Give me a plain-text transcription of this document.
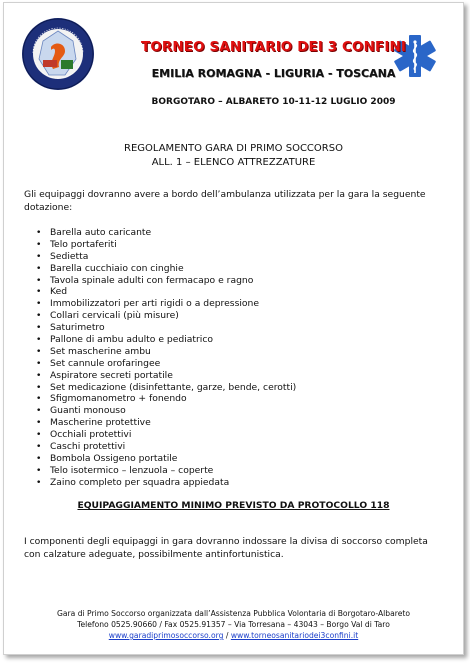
TORNEO SANITARIO DEI 3 CONFINI
EMILIA ROMAGNA - LIGURIA - TOSCANA
BORGOTARO – ALBARETO 10-11-12 LUGLIO 2009
REGOLAMENTO GARA DI PRIMO SOCCORSO
ALL. 1 – ELENCO ATTREZZATURE
Gli equipaggi dovranno avere a bordo dell’ambulanza utilizzata per la gara la seguente dotazione:
• Barella auto caricante
• Telo portaferiti
• Sedietta
• Barella cucchiaio con cinghie
• Tavola spinale adulti con fermacapo e ragno
• Ked
• Immobilizzatori per arti rigidi o a depressione
• Collari cervicali (più misure)
• Saturimetro
• Pallone di ambu adulto e pediatrico
• Set mascherine ambu
• Set cannule orofaringee
• Aspiratore secreti portatile
• Set medicazione (disinfettante, garze, bende, cerotti)
• Sfigmomanometro + fonendo
• Guanti monouso
• Mascherine protettive
• Occhiali protettivi
• Caschi protettivi
• Bombola Ossigeno portatile
• Telo isotermico – lenzuola – coperte
• Zaino completo per squadra appiedata
EQUIPAGGIAMENTO MINIMO PREVISTO DA PROTOCOLLO 118
I componenti degli equipaggi in gara dovranno indossare la divisa di soccorso completa con calzature adeguate, possibilmente antinfortunistica.
Gara di Primo Soccorso organizzata dall’Assistenza Pubblica Volontaria di Borgotaro-Albareto
Telefono 0525.90660 / Fax 0525.91357 – Via Torresana – 43043 – Borgo Val di Taro
www.garadiprimosoccorso.org / www.torneosanitariodei3confini.it
